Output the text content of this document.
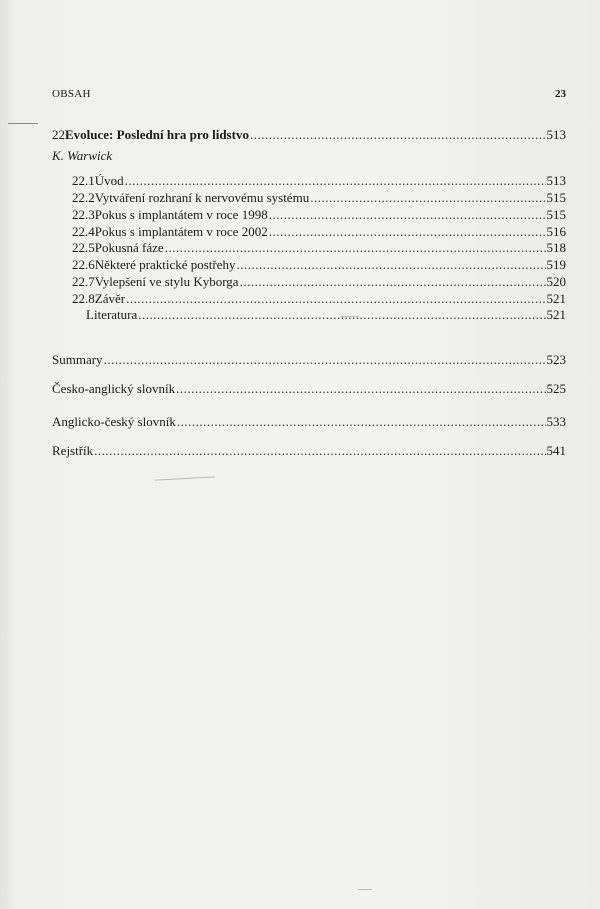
OBSAH	23
22 Evoluce: Poslední hra pro lidstvo .....	513
K. Warwick
22.1 Úvod .....	513
22.2 Vytváření rozhraní k nervovému systému .....	515
22.3 Pokus s implantátem v roce 1998 .....	515
22.4 Pokus s implantátem v roce 2002 .....	516
22.5 Pokusná fáze .....	518
22.6 Některé praktické postřehy .....	519
22.7 Vylepšení ve stylu Kyborga .....	520
22.8 Závěr .....	521
Literatura .....	521
Summary .....	523
Česko-anglický slovník .....	525
Anglicko-český slovník .....	533
Rejstřík .....	541
